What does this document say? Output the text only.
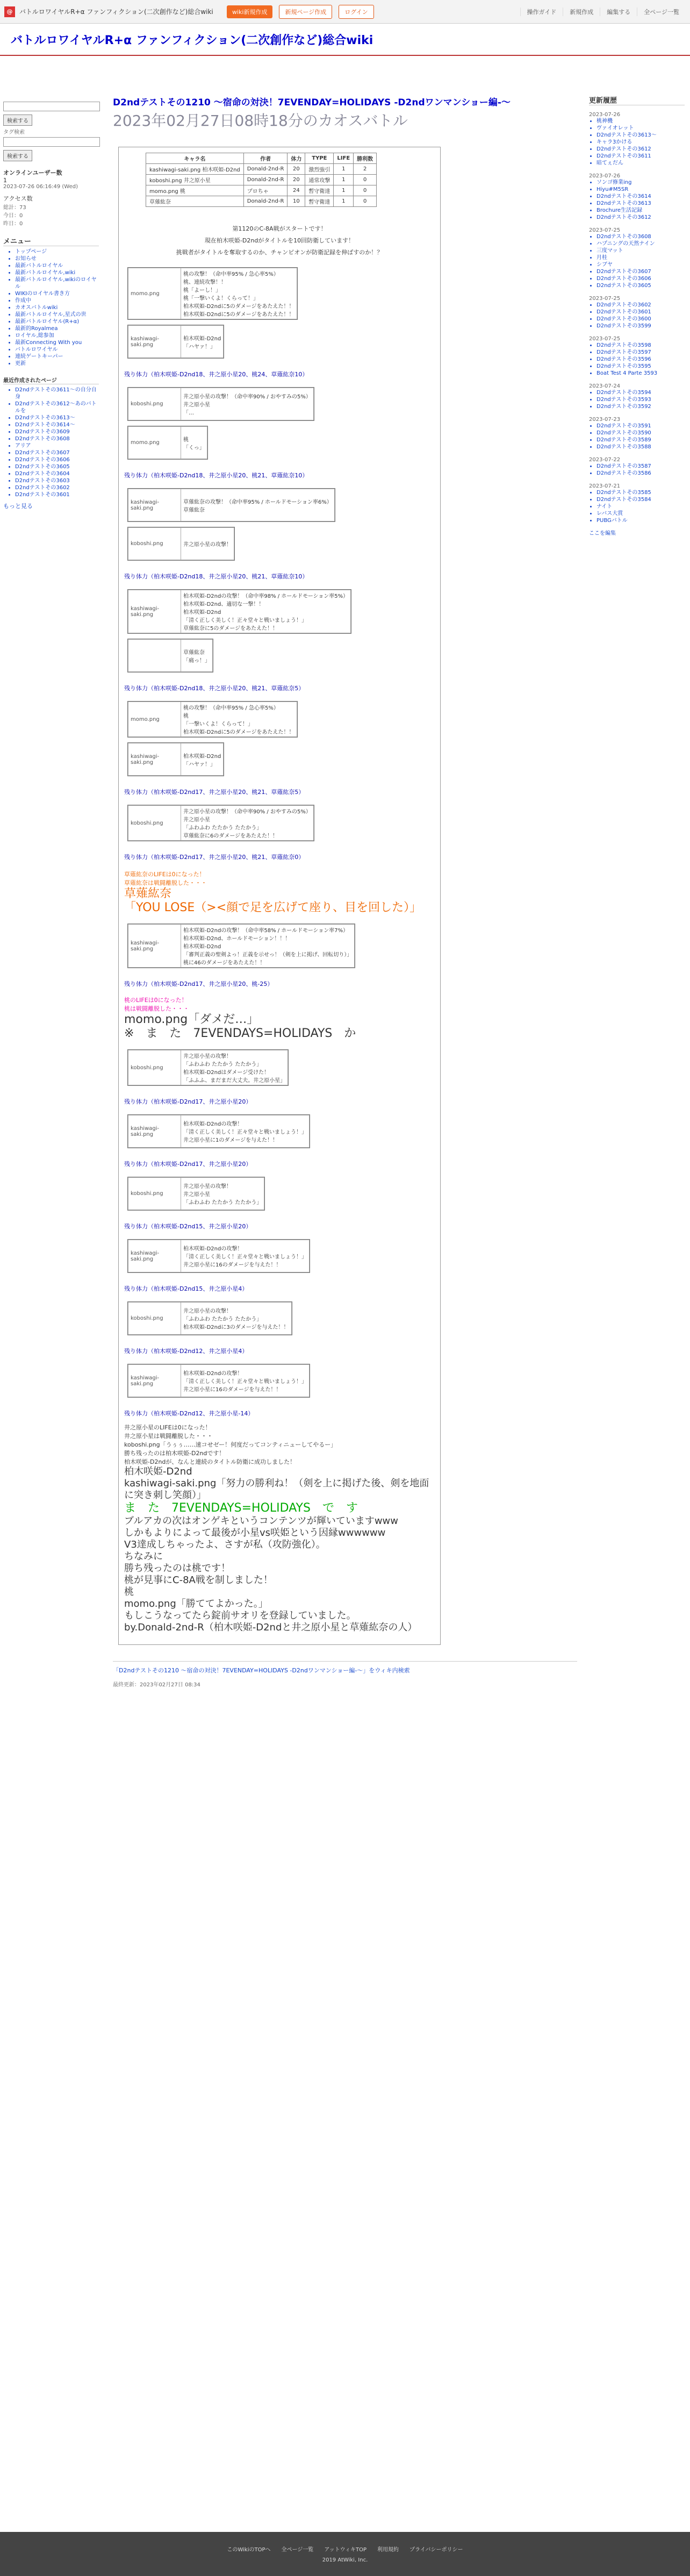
@	バトルロワイヤルR+α ファンフィクション(二次創作など)総合wiki	wiki新規作成	新規ページ作成	ログイン	操作ガイド	新規作成	編集する	全ページ一覧
バトルロワイヤルR+α ファンフィクション(二次創作など)総合wiki
検索する
タグ検索
検索する
オンラインユーザー数
1
2023-07-26 06:16:49 (Wed)
アクセス数
総計：73
今日：0
昨日：0
メニュー
• トップページ
• お知らせ
• 最新バトルロイヤル
• 最新バトルロイヤル,wiki
• 最新バトルロイヤル,wikiのロイヤル
• WIKIのロイヤル書き方
• 作成中
• カオスバトルwiki
• 最新バトルロイヤル,星式の世
• 最新バトルロイヤル(R+α)
• 最新的Royalmea
• ロイヤル,総参加
• 最新Connecting With you
• バトルロワイヤル
• 連続ゲートキーパー
• 更新
最近作成されたページ
• D2ndテストその3611〜の自分自身
• D2ndテストその3612〜あのバトルを
• D2ndテストその3613〜
• D2ndテストその3614〜
• D2ndテストその3609
• D2ndテストその3608
• アリア
• D2ndテストその3607
• D2ndテストその3606
• D2ndテストその3605
• D2ndテストその3604
• D2ndテストその3603
• D2ndテストその3602
• D2ndテストその3601
もっと見る
D2ndテストその1210 〜宿命の対決！7EVENDAY=HOLIDAYS -D2ndワンマンショー編-〜
2023年02月27日08時18分のカオスバトル
キャラ名	作者	体力	TYPE	LIFE	勝利数
kashiwagi-saki.png 柏木咲姫-D2nd	Donald-2nd-R	20	激烈強引	1	2
koboshi.png 井之原小星	Donald-2nd-R	20	通常攻撃	1	0
momo.png 桃	プロちゃ	24	暫守衛達	1	0
草薙紘奈	Donald-2nd-R	10	暫守衛達	1	0
第1120のC-8A戦がスタートです！
現在柏木咲姫-D2ndがタイトルを10回防衛しています！
挑戦者がタイトルを奪取するのか、チャンピオンが防衛記録を伸ばすのか！？
momo.png	
桃の攻撃！（命中率95% / 急心率5%）
桃、連続攻撃！！
桃「よーし！」
桃「一撃いくよ！くらって！」
柏木咲姫-D2ndに5のダメージをあたえた！！
柏木咲姫-D2ndに5のダメージをあたえた！！
kashiwagi-saki.png	
柏木咲姫-D2nd
「ハヤァ！」
残り体力（柏木咲姫-D2nd18、井之原小星20、桃24、草薙紘奈10）
koboshi.png	
井之原小星の攻撃！（命中率90% / おやすみの5%）
井之原小星
「…
momo.png	桃
「くっ」
残り体力（柏木咲姫-D2nd18、井之原小星20、桃21、草薙紘奈10）
kashiwagi-saki.png	
草薙紘奈の攻撃！（命中率95% / ホールドモーション率6%）
草薙紘奈
koboshi.png	井之原小星の攻撃！
残り体力（柏木咲姫-D2nd18、井之原小星20、桃21、草薙紘奈10）
kashiwagi-saki.png	
柏木咲姫-D2ndの攻撃！（命中率98% / ホールドモーション率5%）
柏木咲姫-D2nd、適切な一撃！！
柏木咲姫-D2nd
「清く正しく美しく！正々堂々と戦いましょう！」
草薙紘奈に5のダメージをあたえた！！

草薙紘奈
「痛っ！」
残り体力（柏木咲姫-D2nd18、井之原小星20、桃21、草薙紘奈5）
momo.png	
桃の攻撃！（命中率95% / 急心率5%）
桃
「一撃いくよ！くらって！」
柏木咲姫-D2ndに5のダメージをあたえた！！
kashiwagi-saki.png	
柏木咲姫-D2nd
「ハヤァ！」
残り体力（柏木咲姫-D2nd17、井之原小星20、桃21、草薙紘奈5）
koboshi.png	
井之原小星の攻撃！（命中率90% / おやすみの5%）
井之原小星
「ふわふわ たたかう たたかう」
草薙紘奈に6のダメージをあたえた！！
残り体力（柏木咲姫-D2nd17、井之原小星20、桃21、草薙紘奈0）
草薙紘奈のLIFEは0になった！
草薙紘奈は戦闘離脱した・・・
草薙紘奈
「YOU LOSE（><顔で足を広げて座り、目を回した）」
kashiwagi-saki.png	
柏木咲姫-D2ndの攻撃！（命中率58% / ホールドモーション率7%）
柏木咲姫-D2nd、ホールドモーション！！！
柏木咲姫-D2nd
「審判正義の聖剣よっ！正義を示せっ！（剣を上に掲げ、回転切り）」
桃に46のダメージをあたえた！！
残り体力（柏木咲姫-D2nd17、井之原小星20、桃-25）
桃のLIFEは0になった！
桃は戦闘離脱した・・・
momo.png「ダメだ…」
※　ま　た　7EVENDAYS=HOLIDAYS　か
koboshi.png	
井之原小星の攻撃！
「ふわふわ たたかう たたかう」
柏木咲姫-D2ndはダメージ受けた！
「ふふふ、まだまだ大丈夫。井之原小星」
残り体力（柏木咲姫-D2nd17、井之原小星20）
kashiwagi-saki.png	
柏木咲姫-D2ndの攻撃！
「清く正しく美しく！正々堂々と戦いましょう！」
井之原小星に1のダメージを与えた！！
残り体力（柏木咲姫-D2nd17、井之原小星20）
koboshi.png	
井之原小星の攻撃！
井之原小星
「ふわふわ たたかう たたかう」
残り体力（柏木咲姫-D2nd15、井之原小星20）
kashiwagi-saki.png	
柏木咲姫-D2ndの攻撃！
「清く正しく美しく！正々堂々と戦いましょう！」
井之原小星に16のダメージを与えた！！
残り体力（柏木咲姫-D2nd15、井之原小星4）
koboshi.png	
井之原小星の攻撃！
「ふわふわ たたかう たたかう」
柏木咲姫-D2ndに3のダメージを与えた！！
残り体力（柏木咲姫-D2nd12、井之原小星4）
kashiwagi-saki.png	
柏木咲姫-D2ndの攻撃！
「清く正しく美しく！正々堂々と戦いましょう！」
井之原小星に16のダメージを与えた！！
残り体力（柏木咲姫-D2nd12、井之原小星-14）
井之原小星のLIFEは0になった！
井之原小星は戦闘離脱した・・・
koboshi.png「うぅぅ……速コせゼー！何度だってコンティニューしてやるー」
勝ち残ったのは柏木咲姫-D2ndです！
柏木咲姫-D2ndが、なんと連続のタイトル防衛に成功しました！
柏木咲姫-D2nd
kashiwagi-saki.png「努力の勝利ね！（剣を上に掲げた後、剣を地面に突き刺し笑顔）」
ま　た　7EVENDAYS=HOLIDAYS　で　す
ブルアカの次はオンゲキというコンテンツが輝いていますwww
しかもよりによって最後が小星vs咲姫という因縁wwwwww
V3達成しちゃったよ、さすが私（攻防強化）。
ちなみに
勝ち残ったのは桃です！
桃が見事にC-8A戦を制しました！
桃
momo.png「勝ててよかった。」
もしこうなってたら錠前サオリを登録していました。
by.Donald-2nd-R（柏木咲姫-D2ndと井之原小星と草薙紘奈の人）
「D2ndテストその1210 〜宿命の対決！7EVENDAY=HOLIDAYS -D2ndワンマンショー編-〜」をウィキ内検索
最終更新：2023年02月27日 08:34
更新履歴
2023-07-26
• 桃神機
• ヴァイオレット
• D2ndテストその3613〜
• キャラ3かける
• D2ndテストその3612
• D2ndテストその3611
• 暗てぇだん
2023-07-26
• ソンゴ修業ing
• Hiyu#M5SR
• D2ndテストその3614
• D2ndテストその3613
• Brochure生活記録
• D2ndテストその3612
2023-07-25
• D2ndテストその3608
• ハプニングの天然ナイン
• 三度マット
• 月桂
• シブヤ
• D2ndテストその3607
• D2ndテストその3606
• D2ndテストその3605
2023-07-25
• D2ndテストその3602
• D2ndテストその3601
• D2ndテストその3600
• D2ndテストその3599
2023-07-25
• D2ndテストその3598
• D2ndテストその3597
• D2ndテストその3596
• D2ndテストその3595
• Boat Test 4 Parte 3593
2023-07-24
• D2ndテストその3594
• D2ndテストその3593
• D2ndテストその3592
2023-07-23
• D2ndテストその3591
• D2ndテストその3590
• D2ndテストその3589
• D2ndテストその3588
2023-07-22
• D2ndテストその3587
• D2ndテストその3586
2023-07-21
• D2ndテストその3585
• D2ndテストその3584
• ナイト
• レバス大賞
• PUBGバトル
ここを編集
このWikiのTOPへ 全ページ一覧 アットウィキTOP 利用規約 プライバシーポリシー
2019 AtWiki, Inc.
